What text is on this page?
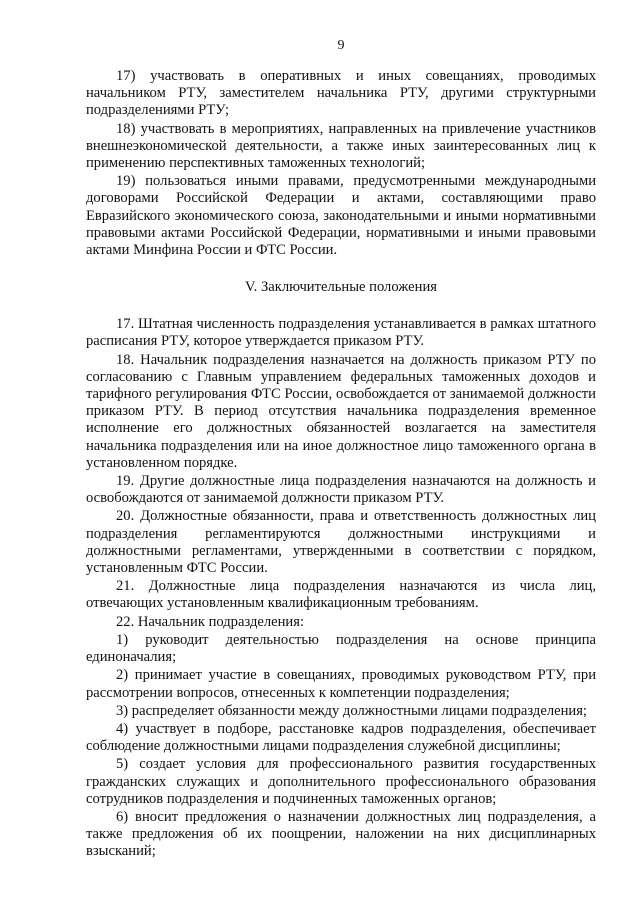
9

17) участвовать в оперативных и иных совещаниях, проводимых начальником РТУ, заместителем начальника РТУ, другими структурными подразделениями РТУ;

18) участвовать в мероприятиях, направленных на привлечение участников внешнеэкономической деятельности, а также иных заинтересованных лиц к применению перспективных таможенных технологий;

19) пользоваться иными правами, предусмотренными международными договорами Российской Федерации и актами, составляющими право Евразийского экономического союза, законодательными и иными нормативными правовыми актами Российской Федерации, нормативными и иными правовыми актами Минфина России и ФТС России.

V. Заключительные положения

17. Штатная численность подразделения устанавливается в рамках штатного расписания РТУ, которое утверждается приказом РТУ.

18. Начальник подразделения назначается на должность приказом РТУ по согласованию с Главным управлением федеральных таможенных доходов и тарифного регулирования ФТС России, освобождается от занимаемой должности приказом РТУ. В период отсутствия начальника подразделения временное исполнение его должностных обязанностей возлагается на заместителя начальника подразделения или на иное должностное лицо таможенного органа в установленном порядке.

19. Другие должностные лица подразделения назначаются на должность и освобождаются от занимаемой должности приказом РТУ.

20. Должностные обязанности, права и ответственность должностных лиц подразделения регламентируются должностными инструкциями и должностными регламентами, утвержденными в соответствии с порядком, установленным ФТС России.

21. Должностные лица подразделения назначаются из числа лиц, отвечающих установленным квалификационным требованиям.

22. Начальник подразделения:

1) руководит деятельностью подразделения на основе принципа единоначалия;

2) принимает участие в совещаниях, проводимых руководством РТУ, при рассмотрении вопросов, отнесенных к компетенции подразделения;

3) распределяет обязанности между должностными лицами подразделения;

4) участвует в подборе, расстановке кадров подразделения, обеспечивает соблюдение должностными лицами подразделения служебной дисциплины;

5) создает условия для профессионального развития государственных гражданских служащих и дополнительного профессионального образования сотрудников подразделения и подчиненных таможенных органов;

6) вносит предложения о назначении должностных лиц подразделения, а также предложения об их поощрении, наложении на них дисциплинарных взысканий;
